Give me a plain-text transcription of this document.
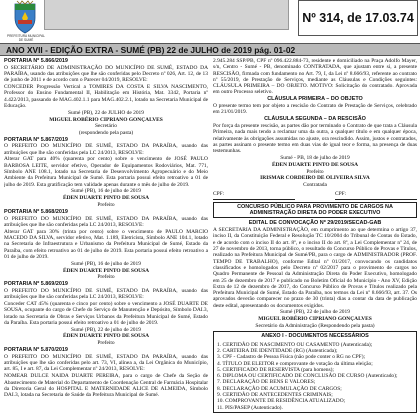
PREFEITURA MUNICIPAL DE SUMÉ
Nº 314, de 17.03.74
ANO XVII - EDIÇÃO EXTRA - SUMÉ (PB) 22 de JULHO de 2019 pág. 01-02

PORTARIA Nº 5.866/2019

O SECRETÁRIO DE ADMINISTRAÇÃO DO MUNICÍPIO DE SUMÉ, ESTADO DA PARAÍBA, usando das atribuições que lhe são conferidas pelo Decreto nº 026, Art. 12, de 13 de junho de 2011 e de acordo com o Parecer 04/2019, RESOLVE:

CONCEDER Progressão Vertical a TOMIRES DA COSTA E SILVA NASCIMENTO, Professor do Ensino Fundamental II, Habilitação em História, Mat. 3342, Portaria nº 4.422/2013, passando de MAG.402.1.1 para MAG.402.2.1, lotado na Secretaria Municipal de Educação.

Sumé (PB), 22 de JULHO de 2019

MIGUEL ROBÉRIO CIPRIANO GONÇALVES

Secretário
(respondendo pela pasta)

PORTARIA Nº 5.867/2019

O PREFEITO DO MUNICÍPIO DE SUMÉ, ESTADO DA PARAÍBA, usando das atribuições que lhe são conferidas pela LC 24/2013, RESOLVE:

Alterar GAT para 40% (quarenta por cento) sobre o vencimento de JOSÉ PAULO BARBOSA LEITE, servidor efetivo, Operador de Equipamentos Rodoviários, Mat. 771, Símbolo ANE 108.1, lotado na Secretaria de Desenvolvimento Agropecuário e do Meio Ambiente da Prefeitura Municipal de Sumé. Esta portaria possui efeito retroativo a 01 de julho de 2019. Esta gratificação tem validade apenas durante o mês de julho de 2019.

Sumé (PB), 16 de julho de 2019

ÉDEN DUARTE PINTO DE SOUSA

Prefeito

PORTARIA Nº 5.868/2019

O PREFEITO DO MUNICÍPIO DE SUMÉ, ESTADO DA PARAÍBA, usando das atribuições que lhe são conferidas pela LC 24/2013, RESOLVE:

Alterar GAT para 30% (trinta por cento) sobre o vencimento de PAULO MARCIO MACEDO DA SILVA, servidor efetivo, Mat. 1.189, Eletricista, Símbolo ANE 104.1, lotado na Secretaria de Infraestrutura e Urbanismo da Prefeitura Municipal de Sumé, Estado da Paraíba, com efeito retroativo ao 01 de julho de 2019. Esta portaria possui efeito retroativo a 01 de julho de 2019.

Sumé (PB), 16 de julho de 2019

ÉDEN DUARTE PINTO DE SOUSA

Prefeito

PORTARIA Nº 5.869/2019

O PREFEITO DO MUNICÍPIO DE SUMÉ, ESTADO DA PARAÍBA, usando das atribuições que lhe são conferidas pela LC 24/2013, RESOLVE:

Conceder CAT 45% (quarenta e cinco por cento) sobre o vencimento a JOSÉ DUARTE DE SOUSA, ocupante do cargo de Chefe do Serviço de Manutenção e Depósito, Símbolo DAI.3, lotado na Secretaria de Obras e Serviços Urbanos da Prefeitura Municipal de Sumé, Estado da Paraíba. Esta portaria possui efeito retroativo a 01 de julho de 2019.

Sumé (PB), 22 de julho de 2019

ÉDEN DUARTE PINTO DE SOUSA

Prefeito

PORTARIA Nº 5.870/2019

O PREFEITO DO MUNICÍPIO DE SUMÉ, ESTADO DA PARAÍBA, usando das atribuições que lhe são conferidas pelo art. 73, VI, alínea a, da Lei Orgânica do Município, art. 85, I e art. 87, da Lei Complementar nº 24/2013, RESOLVE:

NOMEAR DULCE NAIDA DUARTE PEREIRA, para o cargo de Chefe da Seção de Abastecimento de Material do Departamento de Coordenação Central de Farmácia Hospitalar da Diretoria Geral do HOSPITAL E MATERNIDADE ALICE DE ALMEIDA, Símbolo DAI.3, lotada na Secretaria de Saúde da Prefeitura Municipal de Sumé.

2.945.284 SSP/PB, CPF nº 096.422.884-73, residente e domiciliado na Praça Adolfo Mayer, s/n, Centro - Sumé - PB, denominado CONTRATADA, que ajustam entre si, a presente RESCISÃO, firmada com fundamento no Art. 79, I, da Lei nº 8.666/93, referente ao contrato nº 55/2019, de Prestação de Serviços, mediante as Cláusulas e Condições seguintes: CLÁUSULA PRIMEIRA – DO OBJETO. MOTIVO: Solicitação do contratado. Aprovada em outro Processo seletivo.

CLÁUSULA PRIMEIRA – DO OBJETO

O presente termo tem por objeto a rescisão do Contrato de Prestação de Serviços, celebrado em 21/01/2019.

CLÁUSULA SEGUNDA – DA RESCISÃO

Por força da presente rescisão, as partes dão por terminado o Contrato de que trata a Cláusula Primeira, nada mais tendo a reclamar uma da outra, a qualquer título e em qualquer época, relativamente às obrigações assumidas no ajuste, ora rescindido. Assim, justos e contratados, as partes assinam o presente termo em duas vias de igual teor e forma, na presença de duas testemunhas.

Sumé - PB, 18 de julho de 2019

ÉDEN DUARTE PINTO DE SOUSA

Prefeito

IRISMAR CORDEIRO DE OLIVEIRA SILVA

Contratada

CPF:	CPF:
CONCURSO PÚBLICO PARA PROVIMENTO DE CARGOS NA ADMINISTRAÇÃO DIRETA DO PODER EXECUTIVO

EDITAL DE CONVOCAÇÃO Nº 29/2019/SECAD-GAB

A SECRETARIA DA ADMINISTRAÇÃO, em cumprimento ao que determina o artigo 37, inciso II, da Constituição Federal e Resolução TC 10/2004 do Tribunal de Contas do Estado, e de acordo com o inciso II do art. 8º, e o inciso II do art. 8º, a Lei Complementar nº 24, de 27 de novembro de 2013, torna público, o resultado do Concurso Público de Provas e Títulos, realizado na Prefeitura Municipal de Sumé/PB, para o cargo de ADMINISTRADOR (PROF. TEMPO DE TRABALHO), conforme Edital nº 01/2017, convocando os candidatos classificados e homologados pelo Decreto nº 02/2017 para o provimento de cargos no Quadro Permanente de Pessoal da Administração Direta do Poder Executivo, homologado em 25 de dezembro de 2017 e publicado no Boletim Oficial do Município - Ano XV, Edição Extra de 12 de dezembro de 2017, do Concurso Público de Provas e Títulos realizado pela Prefeitura Municipal de Sumé, Estado da Paraíba, nos termos da Lei nº 8.666/93, art. 37. Os aprovados deverão comparecer no prazo de 30 (trinta) dias a contar da data de publicação deste edital, apresentando os documentos exigidos.

Sumé (PB), 22 de julho de 2019

MIGUEL ROBÉRIO CIPRIANO GONÇALVES

Secretário da Administração (Respondendo pela pasta)

ANEXO I - DOCUMENTOS NECESSÁRIOS

1. CERTIDÃO DE NASCIMENTO OU CASAMENTO (Autenticada);

2. CARTEIRA DE IDENTIDADE (RG) (Autenticada);

3. CPF - Cadastro de Pessoa Física (não pode conter o RG no CPF);

4. TÍTULO DE ELEITOR e comprovante de votação da última eleição;

5. CERTIFICADO DE RESERVISTA (para homens);

6. DIPLOMA OU CERTIFICADO DE CONCLUSÃO DE CURSO (Autenticado);

7. DECLARAÇÃO DE BENS E VALORES;

8. DECLARAÇÃO DE ACUMULAÇÃO DE CARGOS;

9. CERTIDÃO DE ANTECEDENTES CRIMINAIS;

10. COMPROVANTE DE RESIDÊNCIA ATUALIZADO;

11. PIS/PASEP (Autenticado).
